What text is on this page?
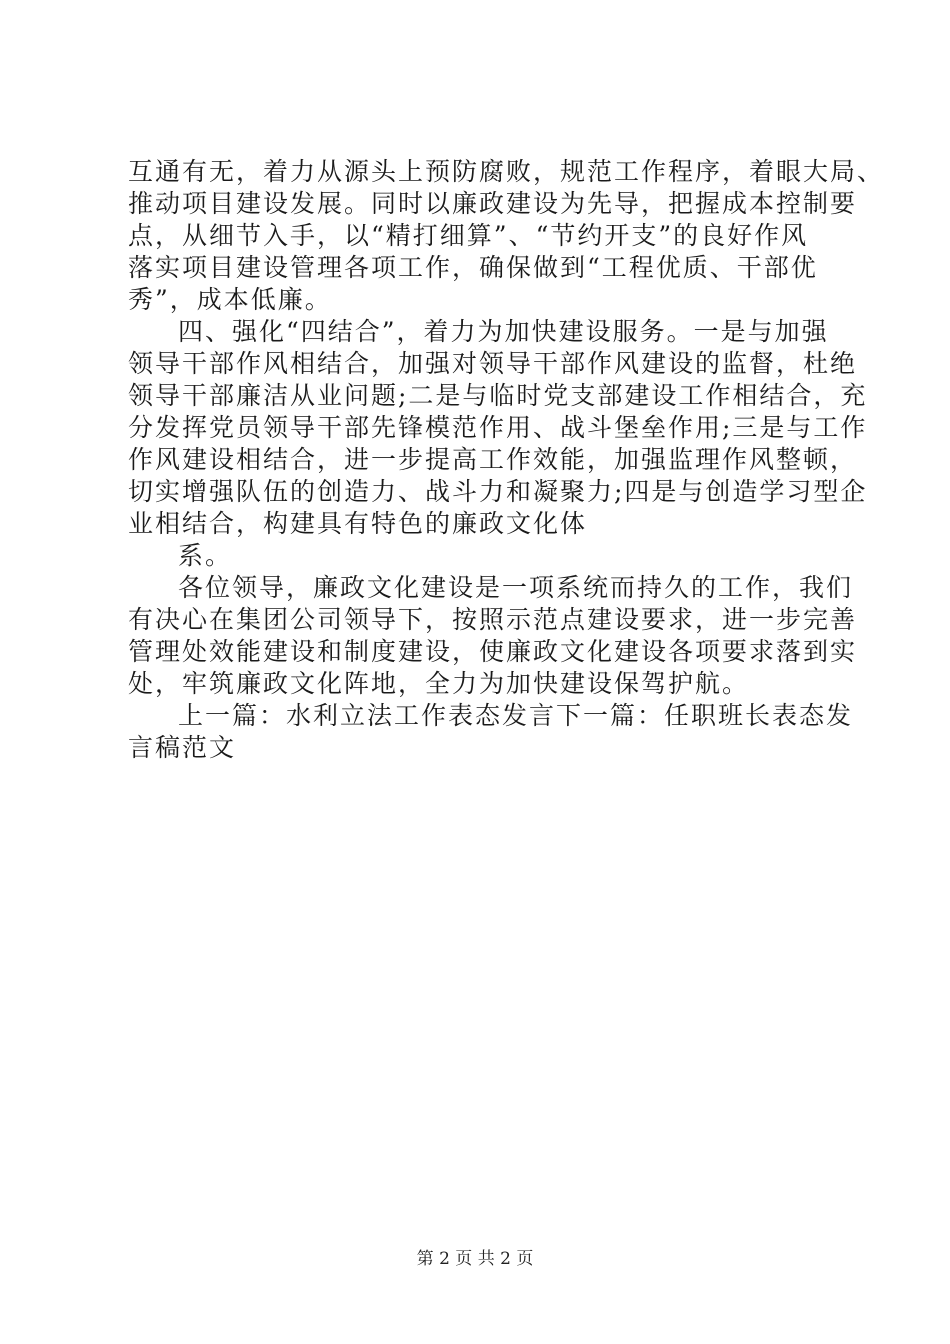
互通有无，着力从源头上预防腐败，规范工作程序，着眼大局、
推动项目建设发展。同时以廉政建设为先导，把握成本控制要
点，从细节入手，以“精打细算”、“节约开支”的良好作风
落实项目建设管理各项工作，确保做到“工程优质、干部优
秀”，成本低廉。
四、强化“四结合”，着力为加快建设服务。一是与加强
领导干部作风相结合，加强对领导干部作风建设的监督，杜绝
领导干部廉洁从业问题;二是与临时党支部建设工作相结合，充
分发挥党员领导干部先锋模范作用、战斗堡垒作用;三是与工作
作风建设相结合，进一步提高工作效能，加强监理作风整顿，
切实增强队伍的创造力、战斗力和凝聚力;四是与创造学习型企
业相结合，构建具有特色的廉政文化体
系。
各位领导，廉政文化建设是一项系统而持久的工作，我们
有决心在集团公司领导下，按照示范点建设要求，进一步完善
管理处效能建设和制度建设，使廉政文化建设各项要求落到实
处，牢筑廉政文化阵地，全力为加快建设保驾护航。
上一篇：水利立法工作表态发言下一篇：任职班长表态发
言稿范文
第 2 页 共 2 页
